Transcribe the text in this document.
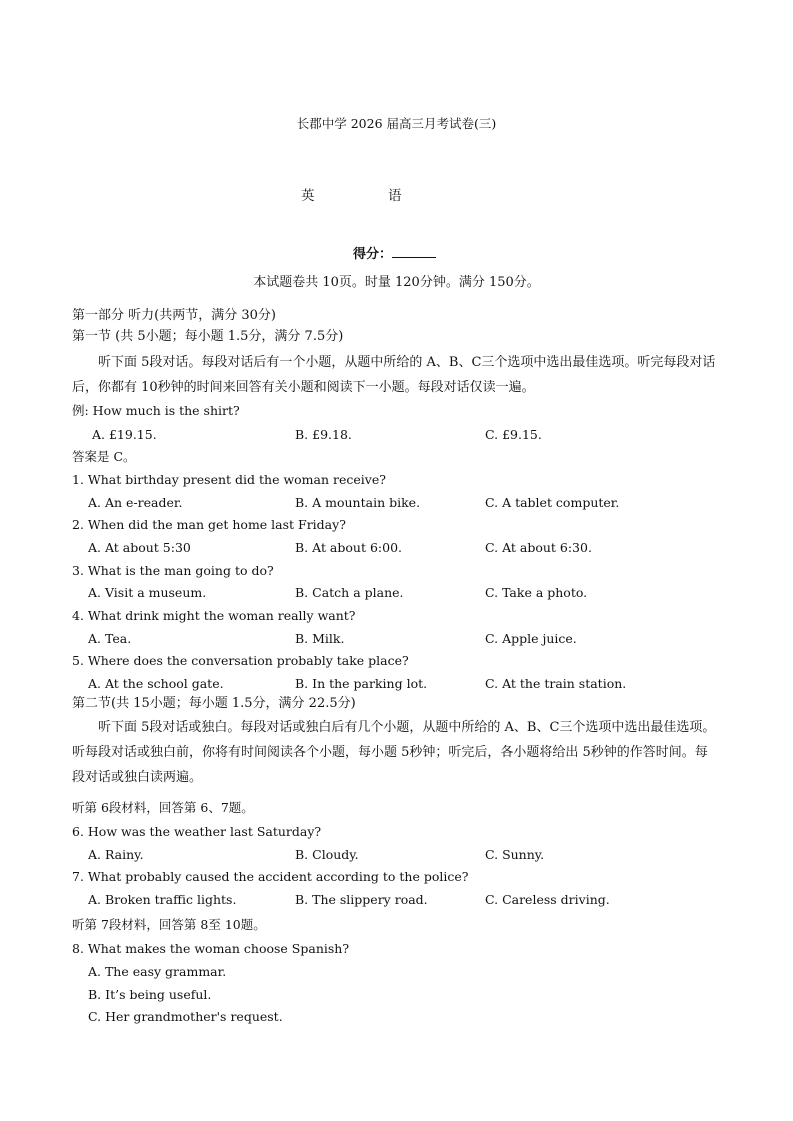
长郡中学 2026 届高三月考试卷(三)
英	语
得分：
本试题卷共 10页。时量 120分钟。满分 150分。
第一部分 听力(共两节，满分 30分)
第一节 (共 5小题；每小题 1.5分，满分 7.5分)
听下面 5段对话。每段对话后有一个小题，从题中所给的 A、B、C三个选项中选出最佳选项。听完每段对话后，你都有 10秒钟的时间来回答有关小题和阅读下一小题。每段对话仅读一遍。
例: How much is the shirt?
A. £19.15.	B. £9.18.	C. £9.15.
答案是 C。
1. What birthday present did the woman receive?
A. An e-reader.	B. A mountain bike.	C. A tablet computer.
2. When did the man get home last Friday?
A. At about 5:30	B. At about 6:00.	C. At about 6:30.
3. What is the man going to do?
A. Visit a museum.	B. Catch a plane.	C. Take a photo.
4. What drink might the woman really want?
A. Tea.	B. Milk.	C. Apple juice.
5. Where does the conversation probably take place?
A. At the school gate.	B. In the parking lot.	C. At the train station.
第二节(共 15小题；每小题 1.5分，满分 22.5分)
听下面 5段对话或独白。每段对话或独白后有几个小题，从题中所给的 A、B、C三个选项中选出最佳选项。听每段对话或独白前，你将有时间阅读各个小题，每小题 5秒钟；听完后，各小题将给出 5秒钟的作答时间。每段对话或独白读两遍。
听第 6段材料，回答第 6、7题。
6. How was the weather last Saturday?
A. Rainy.	B. Cloudy.	C. Sunny.
7. What probably caused the accident according to the police?
A. Broken traffic lights.	B. The slippery road.	C. Careless driving.
听第 7段材料，回答第 8至 10题。
8. What makes the woman choose Spanish?
A. The easy grammar.
B. It’s being useful.
C. Her grandmother's request.
